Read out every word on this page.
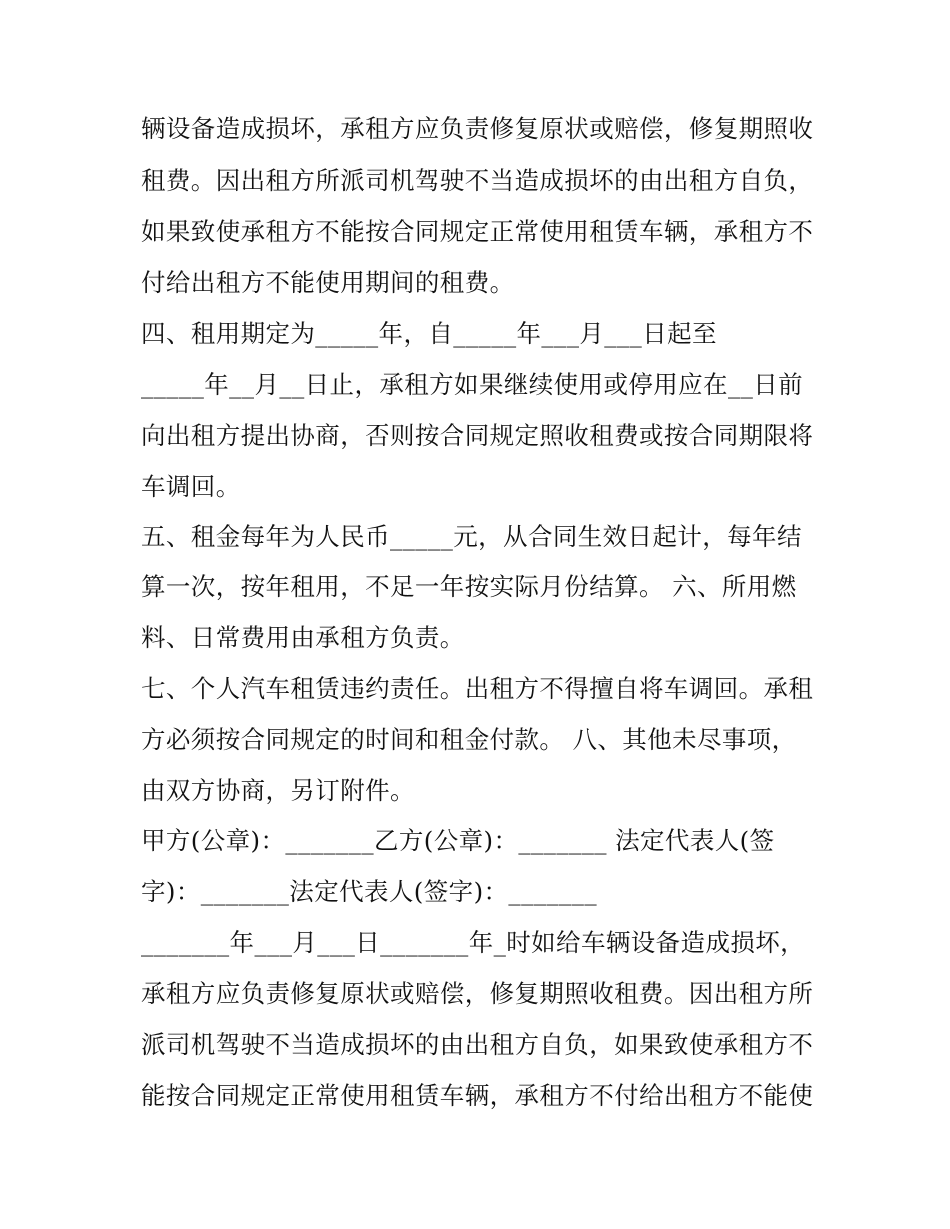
辆设备造成损坏，承租方应负责修复原状或赔偿，修复期照收
租费。因出租方所派司机驾驶不当造成损坏的由出租方自负，
如果致使承租方不能按合同规定正常使用租赁车辆，承租方不
付给出租方不能使用期间的租费。
四、租用期定为_____年，自_____年___月___日起至
_____年__月__日止，承租方如果继续使用或停用应在__日前
向出租方提出协商，否则按合同规定照收租费或按合同期限将
车调回。
五、租金每年为人民币_____元，从合同生效日起计，每年结
算一次，按年租用，不足一年按实际月份结算。 六、所用燃
料、日常费用由承租方负责。
七、个人汽车租赁违约责任。出租方不得擅自将车调回。承租
方必须按合同规定的时间和租金付款。 八、其他未尽事项，
由双方协商，另订附件。
甲方(公章)：_______乙方(公章)：_______ 法定代表人(签
字)：_______法定代表人(签字)：_______
_______年___月___日_______年_时如给车辆设备造成损坏，
承租方应负责修复原状或赔偿，修复期照收租费。因出租方所
派司机驾驶不当造成损坏的由出租方自负，如果致使承租方不
能按合同规定正常使用租赁车辆，承租方不付给出租方不能使
